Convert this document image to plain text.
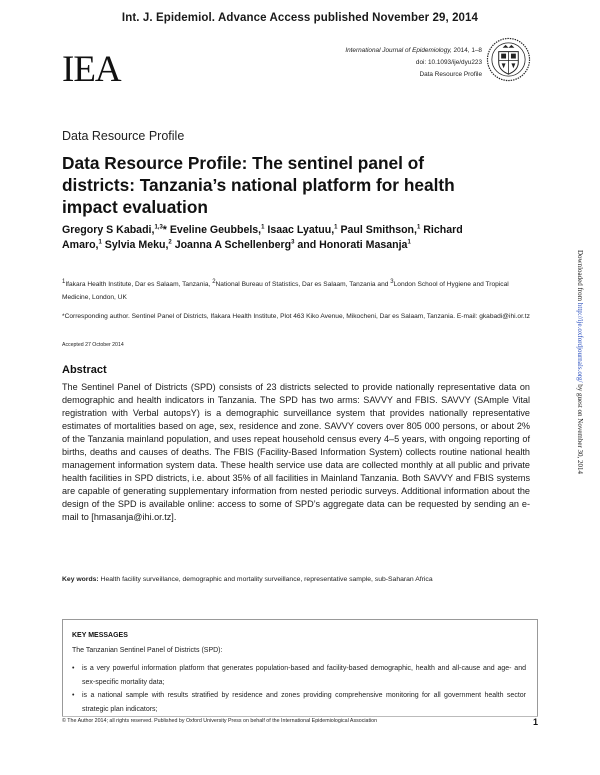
Int. J. Epidemiol. Advance Access published November 29, 2014
IEA	International Journal of Epidemiology, 2014, 1–8
doi: 10.1093/ije/dyu223
Data Resource Profile
Data Resource Profile
Data Resource Profile: The sentinel panel of districts: Tanzania’s national platform for health impact evaluation
Gregory S Kabadi,$^{1,3}$* Eveline Geubbels,$^1$ Isaac Lyatuu,$^1$ Paul Smithson,$^1$ Richard Amaro,$^1$ Sylvia Meku,$^2$ Joanna A Schellenberg$^3$ and Honorati Masanja$^1$
$^1$Ifakara Health Institute, Dar es Salaam, Tanzania, $^2$National Bureau of Statistics, Dar es Salaam, Tanzania and $^3$London School of Hygiene and Tropical Medicine, London, UK
*Corresponding author. Sentinel Panel of Districts, Ifakara Health Institute, Plot 463 Kiko Avenue, Mikocheni, Dar es Salaam, Tanzania. E-mail: gkabadi@ihi.or.tz
Accepted 27 October 2014
Abstract
The Sentinel Panel of Districts (SPD) consists of 23 districts selected to provide nationally representative data on demographic and health indicators in Tanzania. The SPD has two arms: SAVVY and FBIS. SAVVY (SAmple Vital registration with Verbal autopsY) is a demographic surveillance system that provides nationally representative estimates of mortalities based on age, sex, residence and zone. SAVVY covers over 805 000 persons, or about 2% of the Tanzania mainland population, and uses repeat household census every 4–5 years, with ongoing reporting of births, deaths and causes of deaths. The FBIS (Facility-Based Information System) collects routine national health management information system data. These health service use data are collected monthly at all public and private health facilities in SPD districts, i.e. about 35% of all facilities in Mainland Tanzania. Both SAVVY and FBIS systems are capable of generating supplementary information from nested periodic surveys. Additional information about the design of the SPD is available online: access to some of SPD’s aggregate data can be requested by sending an e-mail to [hmasanja@ihi.or.tz].
Key words: Health facility surveillance, demographic and mortality surveillance, representative sample, sub-Saharan Africa
KEY MESSAGES
The Tanzanian Sentinel Panel of Districts (SPD):
• is a very powerful information platform that generates population-based and facility-based demographic, health and all-cause and age- and sex-specific mortality data;
• is a national sample with results stratified by residence and zones providing comprehensive monitoring for all government health sector strategic plan indicators;
© The Author 2014; all rights reserved. Published by Oxford University Press on behalf of the International Epidemiological Association	1
Downloaded from http://ije.oxfordjournals.org/ by guest on November 30, 2014
